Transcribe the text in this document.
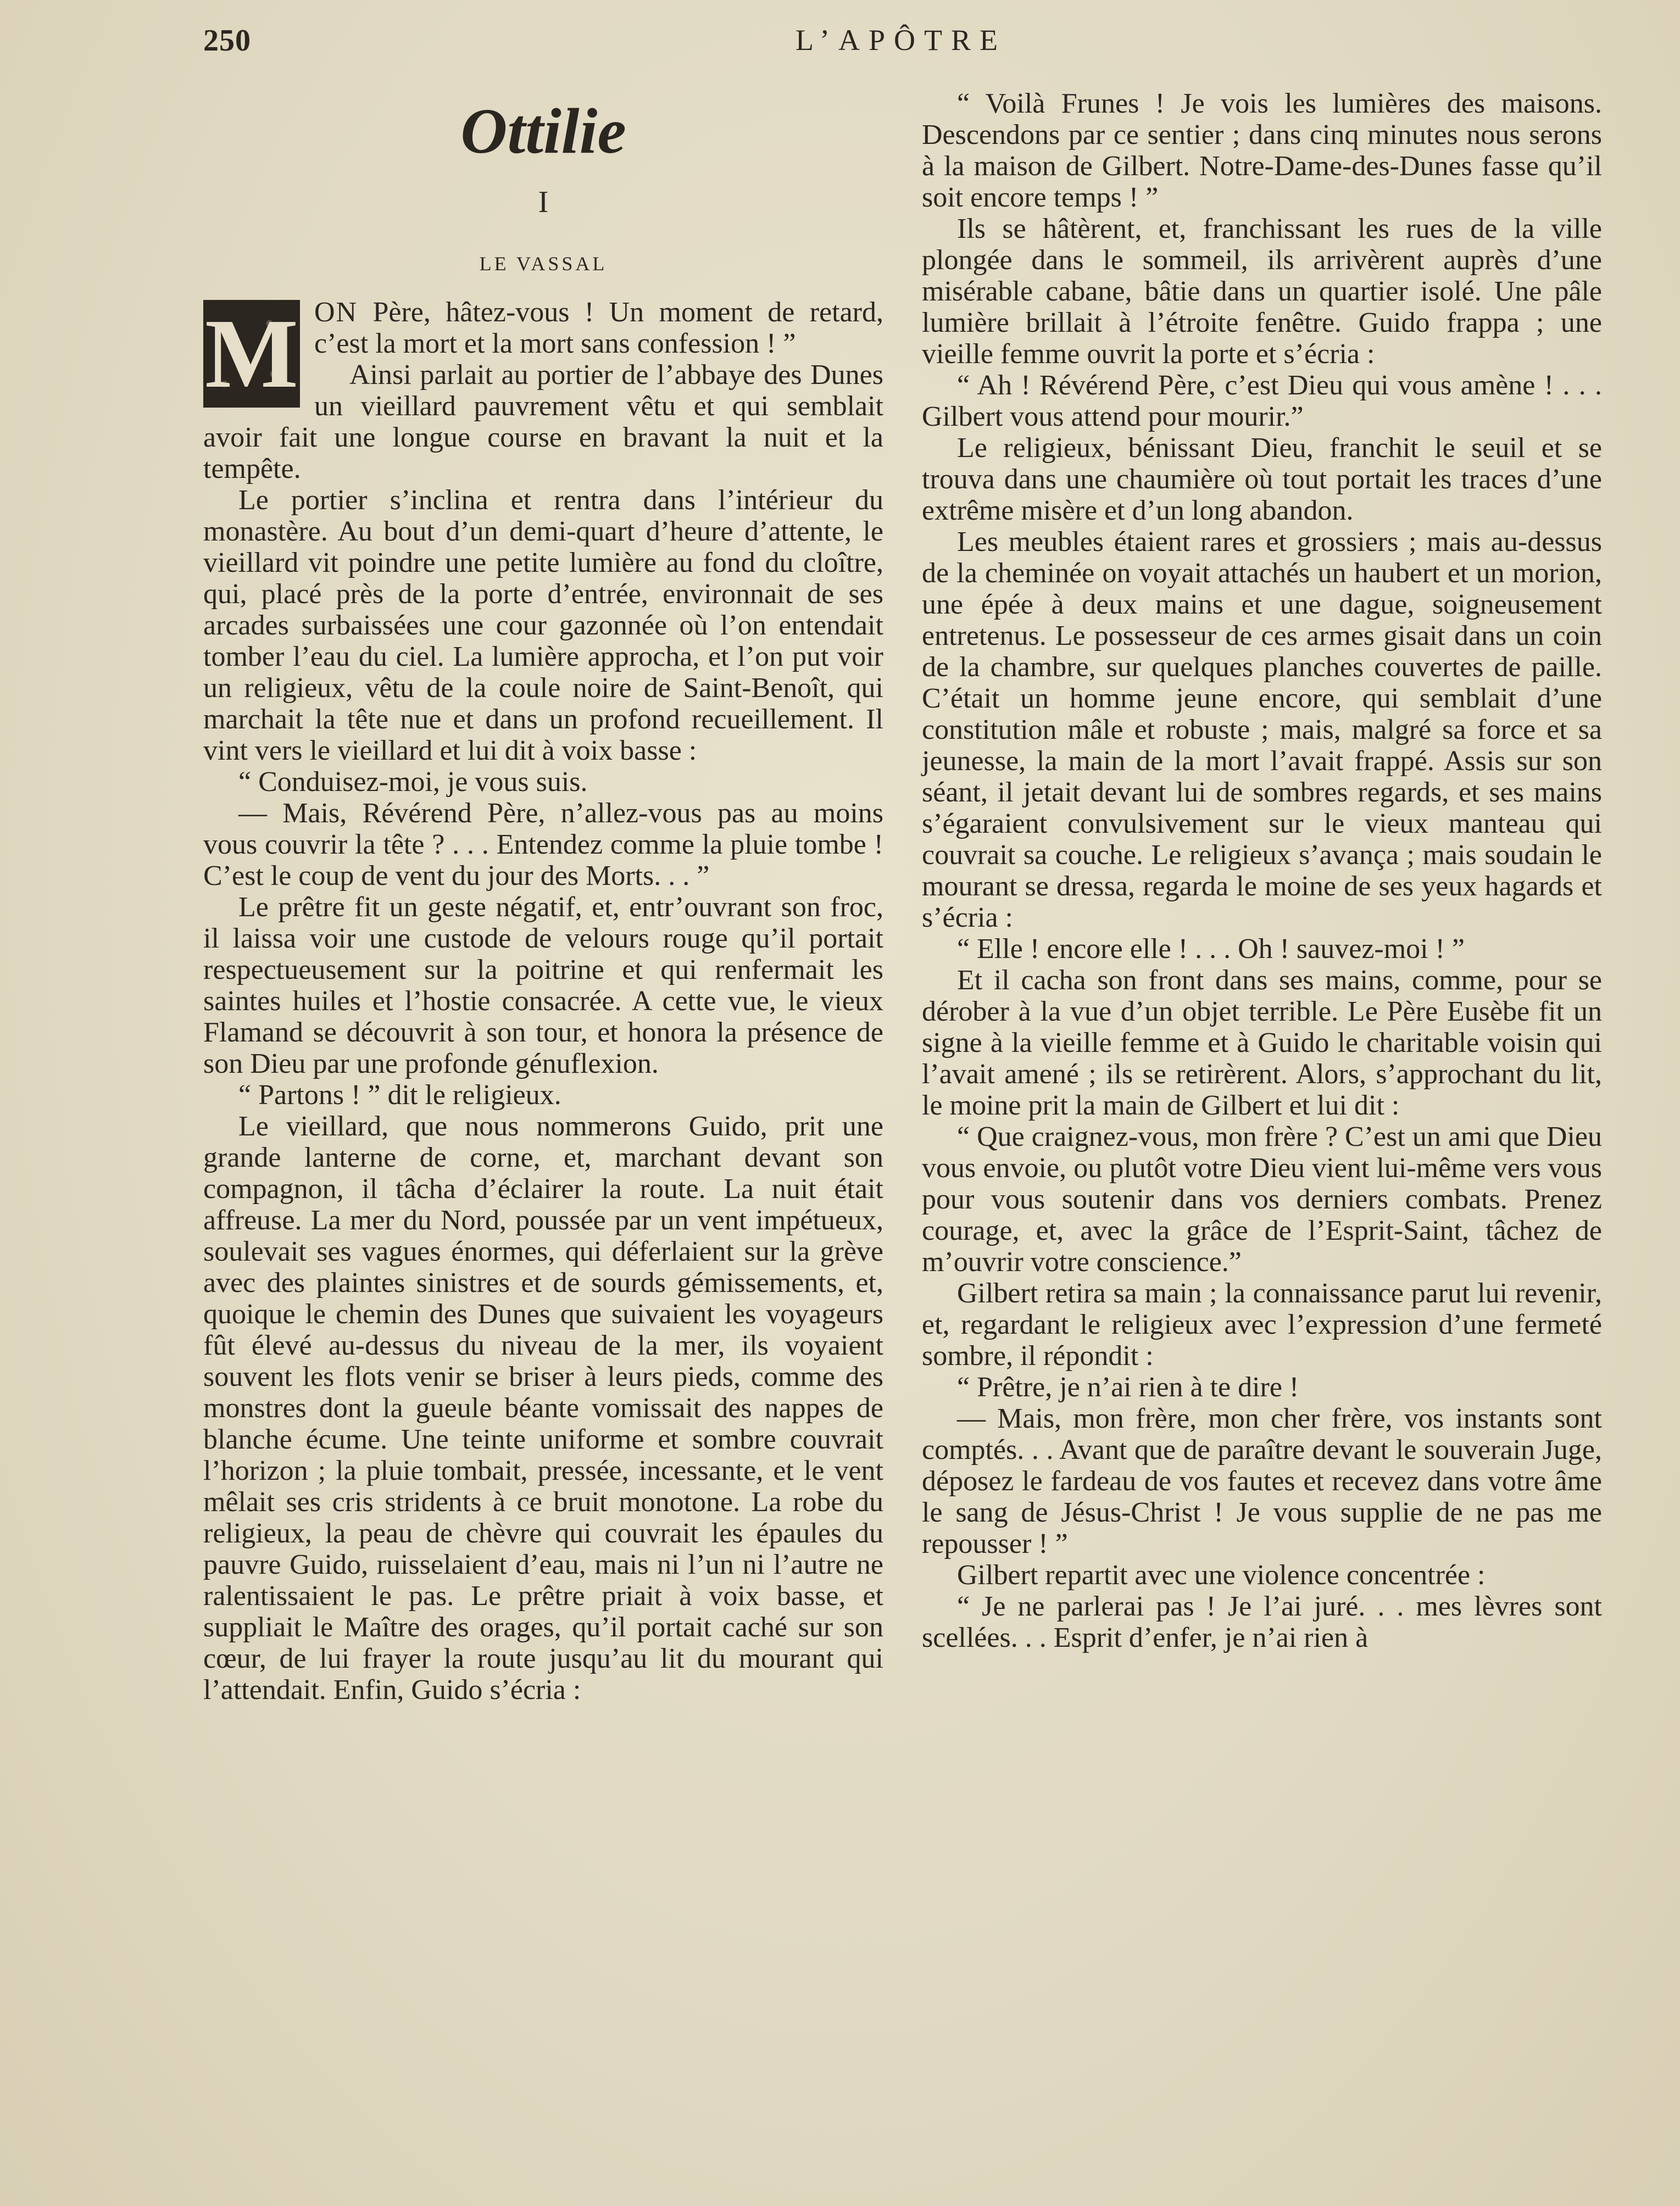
250	L’APÔTRE
Ottilie
I
LE VASSAL

M ON Père, hâtez-vous ! Un moment de retard, c’est la mort et la mort sans confession ! ”

Ainsi parlait au portier de l’abbaye des Dunes un vieillard pauvrement vêtu et qui semblait avoir fait une longue course en bravant la nuit et la tempête.

Le portier s’inclina et rentra dans l’intérieur du monastère. Au bout d’un demi-quart d’heure d’attente, le vieillard vit poindre une petite lumière au fond du cloître, qui, placé près de la porte d’entrée, environnait de ses arcades surbaissées une cour gazonnée où l’on entendait tomber l’eau du ciel. La lumière approcha, et l’on put voir un religieux, vêtu de la coule noire de Saint-Benoît, qui marchait la tête nue et dans un profond recueillement. Il vint vers le vieillard et lui dit à voix basse :

“ Conduisez-moi, je vous suis.

— Mais, Révérend Père, n’allez-vous pas au moins vous couvrir la tête ? . . . Entendez comme la pluie tombe ! C’est le coup de vent du jour des Morts. . . ”

Le prêtre fit un geste négatif, et, entr’ouvrant son froc, il laissa voir une custode de velours rouge qu’il portait respectueusement sur la poitrine et qui renfermait les saintes huiles et l’hostie consacrée. A cette vue, le vieux Flamand se découvrit à son tour, et honora la présence de son Dieu par une profonde génuflexion.

“ Partons ! ” dit le religieux.

Le vieillard, que nous nommerons Guido, prit une grande lanterne de corne, et, marchant devant son compagnon, il tâcha d’éclairer la route. La nuit était affreuse. La mer du Nord, poussée par un vent impétueux, soulevait ses vagues énormes, qui déferlaient sur la grève avec des plaintes sinistres et de sourds gémissements, et, quoique le chemin des Dunes que suivaient les voyageurs fût élevé au-dessus du niveau de la mer, ils voyaient souvent les flots venir se briser à leurs pieds, comme des monstres dont la gueule béante vomissait des nappes de blanche écume. Une teinte uniforme et sombre couvrait l’horizon ; la pluie tombait, pressée, incessante, et le vent mêlait ses cris stridents à ce bruit monotone. La robe du religieux, la peau de chèvre qui couvrait les épaules du pauvre Guido, ruisselaient d’eau, mais ni l’un ni l’autre ne ralentissaient le pas. Le prêtre priait à voix basse, et suppliait le Maître des orages, qu’il portait caché sur son cœur, de lui frayer la route jusqu’au lit du mourant qui l’attendait. Enfin, Guido s’écria :

“ Voilà Frunes ! Je vois les lumières des maisons. Descendons par ce sentier ; dans cinq minutes nous serons à la maison de Gilbert. Notre-Dame-des-Dunes fasse qu’il soit encore temps ! ”

Ils se hâtèrent, et, franchissant les rues de la ville plongée dans le sommeil, ils arrivèrent auprès d’une misérable cabane, bâtie dans un quartier isolé. Une pâle lumière brillait à l’étroite fenêtre. Guido frappa ; une vieille femme ouvrit la porte et s’écria :

“ Ah ! Révérend Père, c’est Dieu qui vous amène ! . . . Gilbert vous attend pour mourir.”

Le religieux, bénissant Dieu, franchit le seuil et se trouva dans une chaumière où tout portait les traces d’une extrême misère et d’un long abandon.

Les meubles étaient rares et grossiers ; mais au-dessus de la cheminée on voyait attachés un haubert et un morion, une épée à deux mains et une dague, soigneusement entretenus. Le possesseur de ces armes gisait dans un coin de la chambre, sur quelques planches couvertes de paille. C’était un homme jeune encore, qui semblait d’une constitution mâle et robuste ; mais, malgré sa force et sa jeunesse, la main de la mort l’avait frappé. Assis sur son séant, il jetait devant lui de sombres regards, et ses mains s’égaraient convulsivement sur le vieux manteau qui couvrait sa couche. Le religieux s’avança ; mais soudain le mourant se dressa, regarda le moine de ses yeux hagards et s’écria :

“ Elle ! encore elle ! . . . Oh ! sauvez-moi ! ”

Et il cacha son front dans ses mains, comme, pour se dérober à la vue d’un objet terrible. Le Père Eusèbe fit un signe à la vieille femme et à Guido le charitable voisin qui l’avait amené ; ils se retirèrent. Alors, s’approchant du lit, le moine prit la main de Gilbert et lui dit :

“ Que craignez-vous, mon frère ? C’est un ami que Dieu vous envoie, ou plutôt votre Dieu vient lui-même vers vous pour vous soutenir dans vos derniers combats. Prenez courage, et, avec la grâce de l’Esprit-Saint, tâchez de m’ouvrir votre conscience.”

Gilbert retira sa main ; la connaissance parut lui revenir, et, regardant le religieux avec l’expression d’une fermeté sombre, il répondit :

“ Prêtre, je n’ai rien à te dire !

— Mais, mon frère, mon cher frère, vos instants sont comptés. . . Avant que de paraître devant le souverain Juge, déposez le fardeau de vos fautes et recevez dans votre âme le sang de Jésus-Christ ! Je vous supplie de ne pas me repousser ! ”

Gilbert repartit avec une violence concentrée :

“ Je ne parlerai pas ! Je l’ai juré. . . mes lèvres sont scellées. . . Esprit d’enfer, je n’ai rien à
